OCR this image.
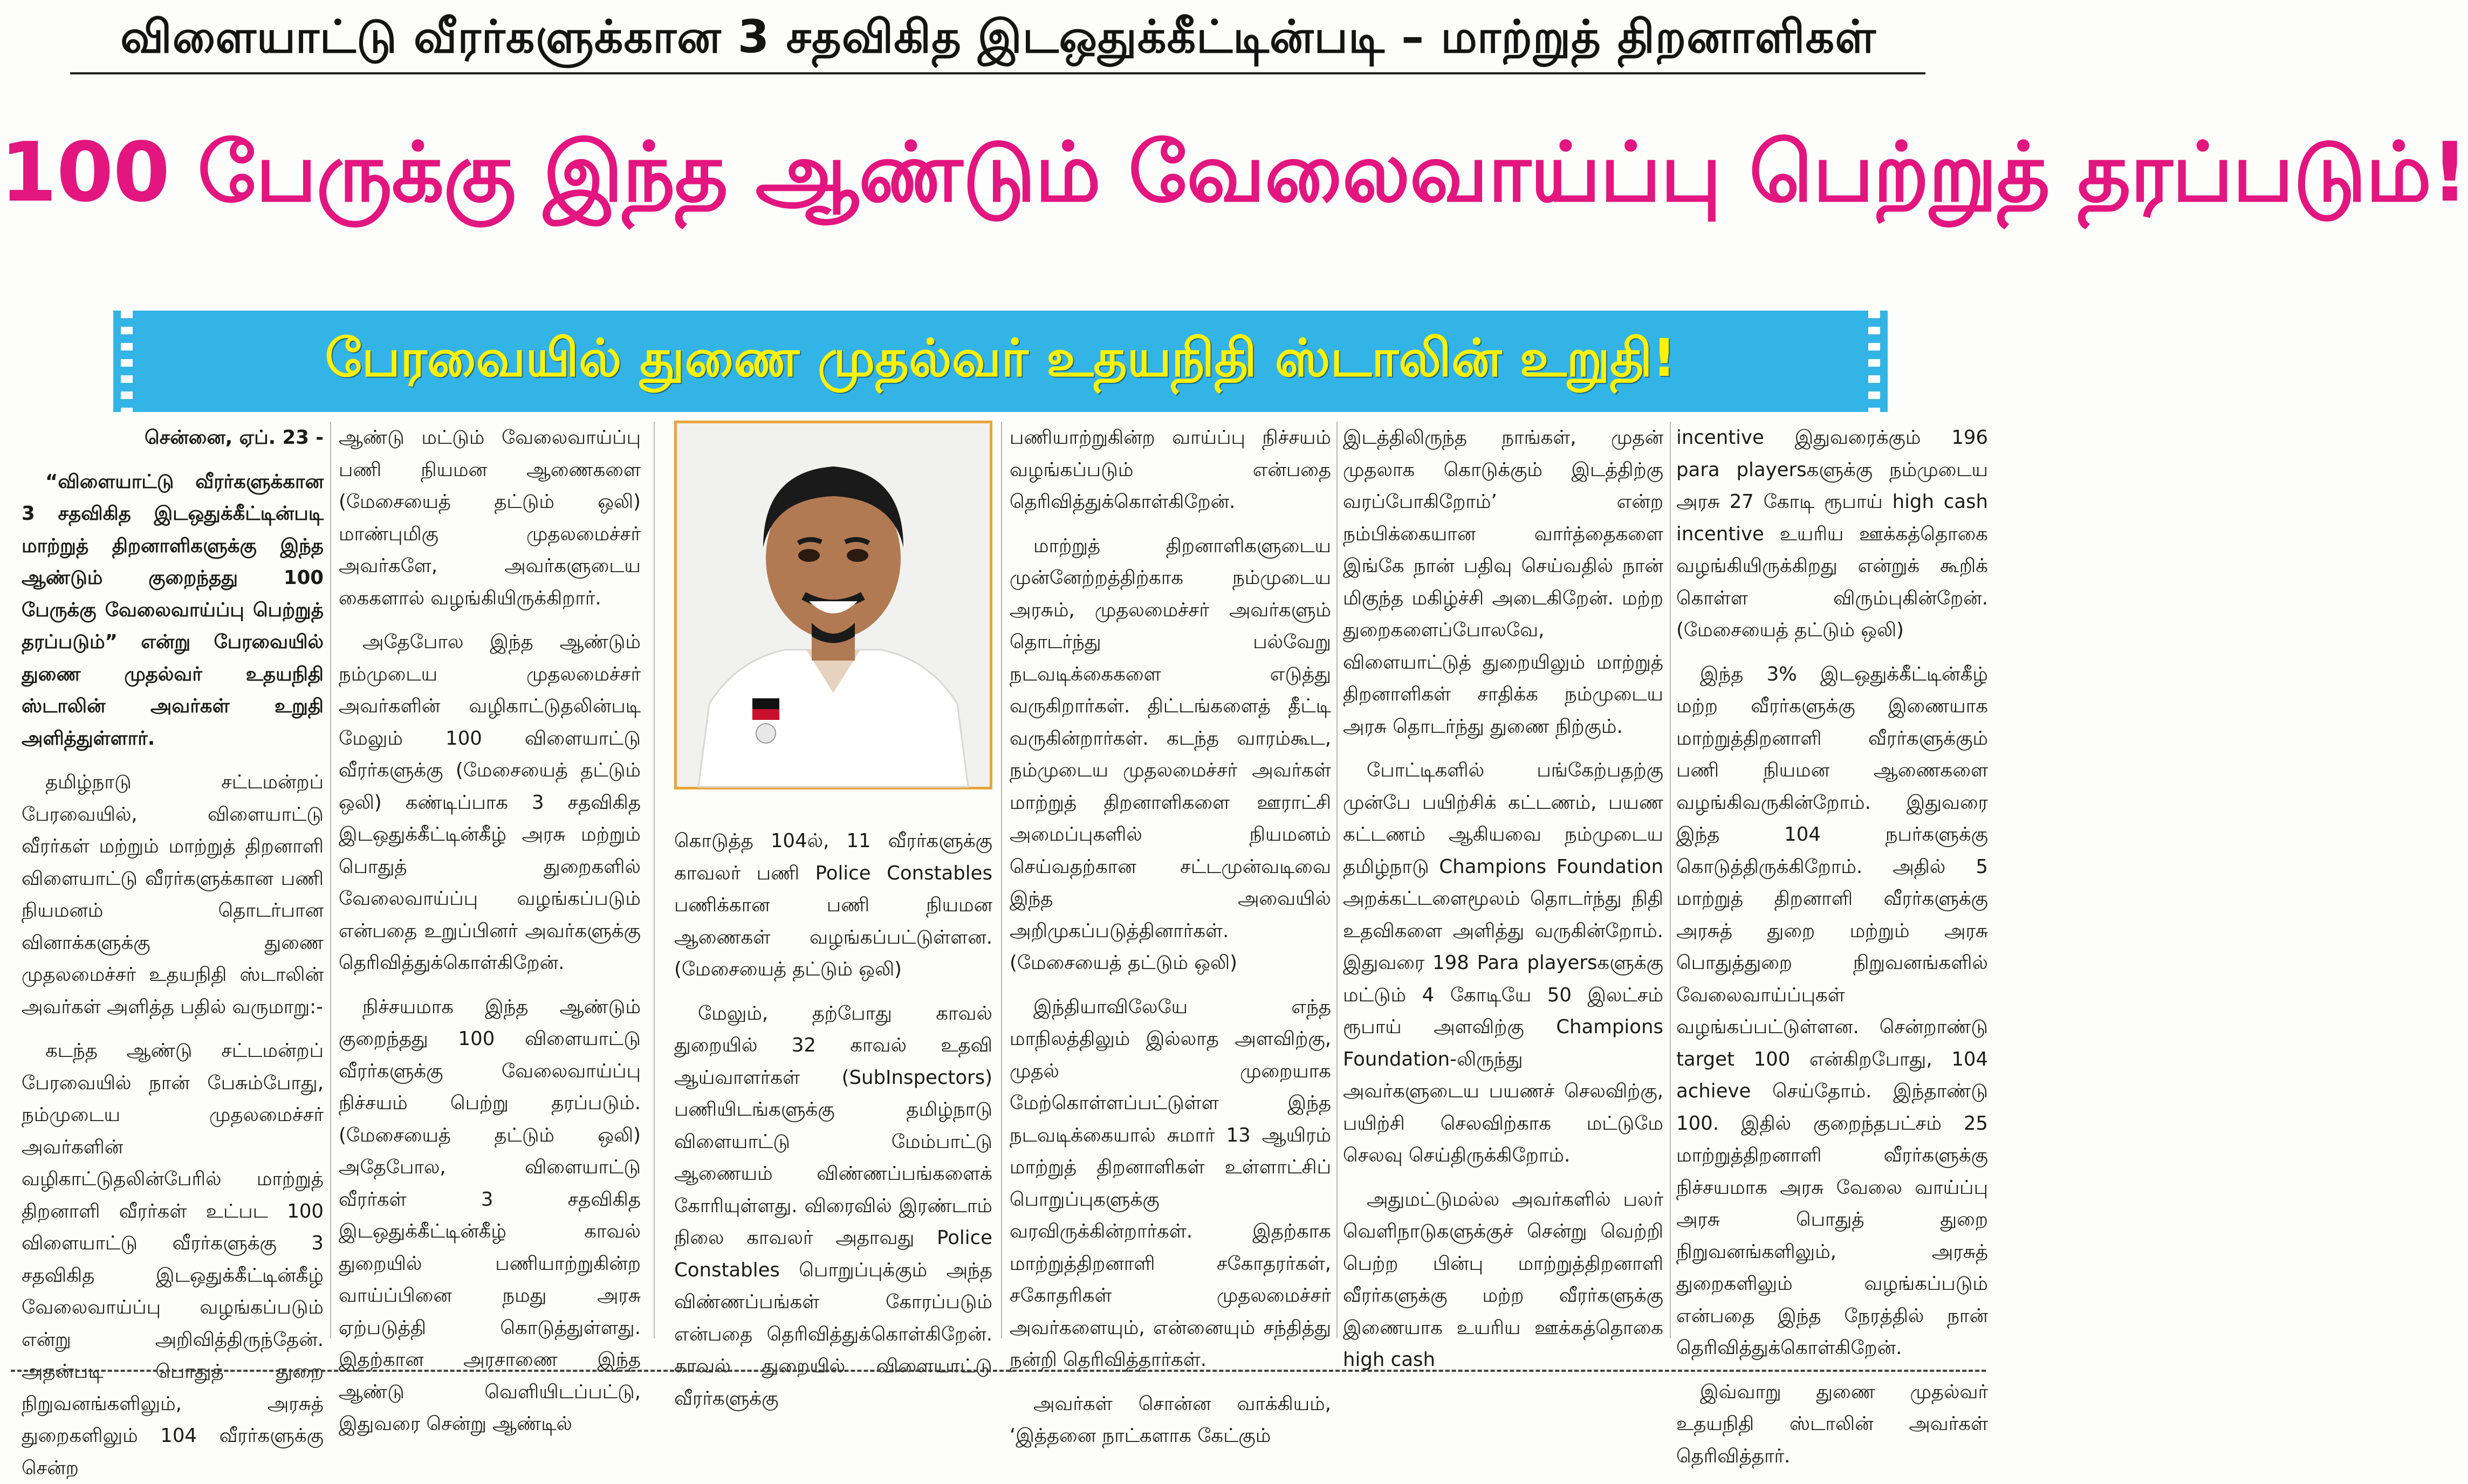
விளையாட்டு வீரர்களுக்கான 3 சதவிகித இடஒதுக்கீட்டின்படி – மாற்றுத் திறனாளிகள்
100 பேருக்கு இந்த ஆண்டும் வேலைவாய்ப்பு பெற்றுத் தரப்படும்!
பேரவையில் துணை முதல்வர் உதயநிதி ஸ்டாலின் உறுதி!

சென்னை, ஏப். 23 -

“விளையாட்டு வீரர்களுக்கான 3 சதவிகித இடஒதுக்கீட்டின்படி மாற்றுத் திறனாளிகளுக்கு இந்த ஆண்டும் குறைந்தது 100 பேருக்கு வேலைவாய்ப்பு பெற்றுத் தரப்படும்” என்று பேரவையில் துணை முதல்வர் உதயநிதி ஸ்டாலின் அவர்கள் உறுதி அளித்துள்ளார்.

தமிழ்நாடு சட்டமன்றப் பேரவையில், விளையாட்டு வீரர்கள் மற்றும் மாற்றுத் திறனாளி விளையாட்டு வீரர்களுக்கான பணி நியமனம் தொடர்பான வினாக்களுக்கு துணை முதலமைச்சர் உதயநிதி ஸ்டாலின் அவர்கள் அளித்த பதில் வருமாறு:-

கடந்த ஆண்டு சட்டமன்றப் பேரவையில் நான் பேசும்போது, நம்முடைய முதலமைச்சர் அவர்களின் வழிகாட்டுதலின்பேரில் மாற்றுத் திறனாளி வீரர்கள் உட்பட 100 விளையாட்டு வீரர்களுக்கு 3 சதவிகித இடஒதுக்கீட்டின்கீழ் வேலைவாய்ப்பு வழங்கப்படும் என்று அறிவித்திருந்தேன். அதன்படி பொதுத் துறை நிறுவனங்களிலும், அரசுத் துறைகளிலும் 104 வீரர்களுக்கு சென்ற

ஆண்டு மட்டும் வேலைவாய்ப்பு பணி நியமன ஆணைகளை (மேசையைத் தட்டும் ஒலி) மாண்புமிகு முதலமைச்சர் அவர்களே, அவர்களுடைய கைகளால் வழங்கியிருக்கிறார்.

அதேபோல இந்த ஆண்டும் நம்முடைய முதலமைச்சர் அவர்களின் வழிகாட்டுதலின்படி மேலும் 100 விளையாட்டு வீரர்களுக்கு (மேசையைத் தட்டும் ஒலி) கண்டிப்பாக 3 சதவிகித இடஒதுக்கீட்டின்கீழ் அரசு மற்றும் பொதுத் துறைகளில் வேலைவாய்ப்பு வழங்கப்படும் என்பதை உறுப்பினர் அவர்களுக்கு தெரிவித்துக்கொள்கிறேன்.

நிச்சயமாக இந்த ஆண்டும் குறைந்தது 100 விளையாட்டு வீரர்களுக்கு வேலைவாய்ப்பு நிச்சயம் பெற்று தரப்படும். (மேசையைத் தட்டும் ஒலி) அதேபோல, விளையாட்டு வீரர்கள் 3 சதவிகித இடஒதுக்கீட்டின்கீழ் காவல் துறையில் பணியாற்றுகின்ற வாய்ப்பினை நமது அரசு ஏற்படுத்தி கொடுத்துள்ளது. இதற்கான அரசாணை இந்த ஆண்டு வெளியிடப்பட்டு, இதுவரை சென்று ஆண்டில்

கொடுத்த 104ல், 11 வீரர்களுக்கு காவலர் பணி Police Constables பணிக்கான பணி நியமன ஆணைகள் வழங்கப்பட்டுள்ளன. (மேசையைத் தட்டும் ஒலி)

மேலும், தற்போது காவல் துறையில் 32 காவல் உதவி ஆய்வாளர்கள் (SubInspectors) பணியிடங்களுக்கு தமிழ்நாடு விளையாட்டு மேம்பாட்டு ஆணையம் விண்ணப்பங்களைக் கோரியுள்ளது. விரைவில் இரண்டாம் நிலை காவலர் அதாவது Police Constables பொறுப்புக்கும் அந்த விண்ணப்பங்கள் கோரப்படும் என்பதை தெரிவித்துக்கொள்கிறேன். காவல் துறையில் விளையாட்டு வீரர்களுக்கு

பணியாற்றுகின்ற வாய்ப்பு நிச்சயம் வழங்கப்படும் என்பதை தெரிவித்துக்கொள்கிறேன்.

மாற்றுத் திறனாளிகளுடைய முன்னேற்றத்திற்காக நம்முடைய அரசும், முதலமைச்சர் அவர்களும் தொடர்ந்து பல்வேறு நடவடிக்கைகளை எடுத்து வருகிறார்கள். திட்டங்களைத் தீட்டி வருகின்றார்கள். கடந்த வாரம்கூட, நம்முடைய முதலமைச்சர் அவர்கள் மாற்றுத் திறனாளிகளை ஊராட்சி அமைப்புகளில் நியமனம் செய்வதற்கான சட்டமுன்வடிவை இந்த அவையில் அறிமுகப்படுத்தினார்கள். (மேசையைத் தட்டும் ஒலி)

இந்தியாவிலேயே எந்த மாநிலத்திலும் இல்லாத அளவிற்கு, முதல் முறையாக மேற்கொள்ளப்பட்டுள்ள இந்த நடவடிக்கையால் சுமார் 13 ஆயிரம் மாற்றுத் திறனாளிகள் உள்ளாட்சிப் பொறுப்புகளுக்கு வரவிருக்கின்றார்கள். இதற்காக மாற்றுத்திறனாளி சகோதரர்கள், சகோதரிகள் முதலமைச்சர் அவர்களையும், என்னையும் சந்தித்து நன்றி தெரிவித்தார்கள்.

அவர்கள் சொன்ன வாக்கியம், ‘இத்தனை நாட்களாக கேட்கும்

இடத்திலிருந்த நாங்கள், முதன் முதலாக கொடுக்கும் இடத்திற்கு வரப்போகிறோம்’ என்ற நம்பிக்கையான வார்த்தைகளை இங்கே நான் பதிவு செய்வதில் நான் மிகுந்த மகிழ்ச்சி அடைகிறேன். மற்ற துறைகளைப்போலவே, விளையாட்டுத் துறையிலும் மாற்றுத் திறனாளிகள் சாதிக்க நம்முடைய அரசு தொடர்ந்து துணை நிற்கும்.

போட்டிகளில் பங்கேற்பதற்கு முன்பே பயிற்சிக் கட்டணம், பயண கட்டணம் ஆகியவை நம்முடைய தமிழ்நாடு Champions Foundation அறக்கட்டளைமூலம் தொடர்ந்து நிதி உதவிகளை அளித்து வருகின்றோம். இதுவரை 198 Para playersகளுக்கு மட்டும் 4 கோடியே 50 இலட்சம் ரூபாய் அளவிற்கு Champions Foundation-லிருந்து அவர்களுடைய பயணச் செலவிற்கு, பயிற்சி செலவிற்காக மட்டுமே செலவு செய்திருக்கிறோம்.

அதுமட்டுமல்ல அவர்களில் பலர் வெளிநாடுகளுக்குச் சென்று வெற்றி பெற்ற பின்பு மாற்றுத்திறனாளி வீரர்களுக்கு மற்ற வீரர்களுக்கு இணையாக உயரிய ஊக்கத்தொகை high cash

incentive இதுவரைக்கும் 196 para playersகளுக்கு நம்முடைய அரசு 27 கோடி ரூபாய் high cash incentive உயரிய ஊக்கத்தொகை வழங்கியிருக்கிறது என்றுக் கூறிக் கொள்ள விரும்புகின்றேன். (மேசையைத் தட்டும் ஒலி)

இந்த 3% இடஒதுக்கீட்டின்கீழ் மற்ற வீரர்களுக்கு இணையாக மாற்றுத்திறனாளி வீரர்களுக்கும் பணி நியமன ஆணைகளை வழங்கிவருகின்றோம். இதுவரை இந்த 104 நபர்களுக்கு கொடுத்திருக்கிறோம். அதில் 5 மாற்றுத் திறனாளி வீரர்களுக்கு அரசுத் துறை மற்றும் அரசு பொதுத்துறை நிறுவனங்களில் வேலைவாய்ப்புகள் வழங்கப்பட்டுள்ளன. சென்றாண்டு target 100 என்கிறபோது, 104 achieve செய்தோம். இந்தாண்டு 100. இதில் குறைந்தபட்சம் 25 மாற்றுத்திறனாளி வீரர்களுக்கு நிச்சயமாக அரசு வேலை வாய்ப்பு அரசு பொதுத் துறை நிறுவனங்களிலும், அரசுத் துறைகளிலும் வழங்கப்படும் என்பதை இந்த நேரத்தில் நான் தெரிவித்துக்கொள்கிறேன்.

இவ்வாறு துணை முதல்வர் உதயநிதி ஸ்டாலின் அவர்கள் தெரிவித்தார்.
